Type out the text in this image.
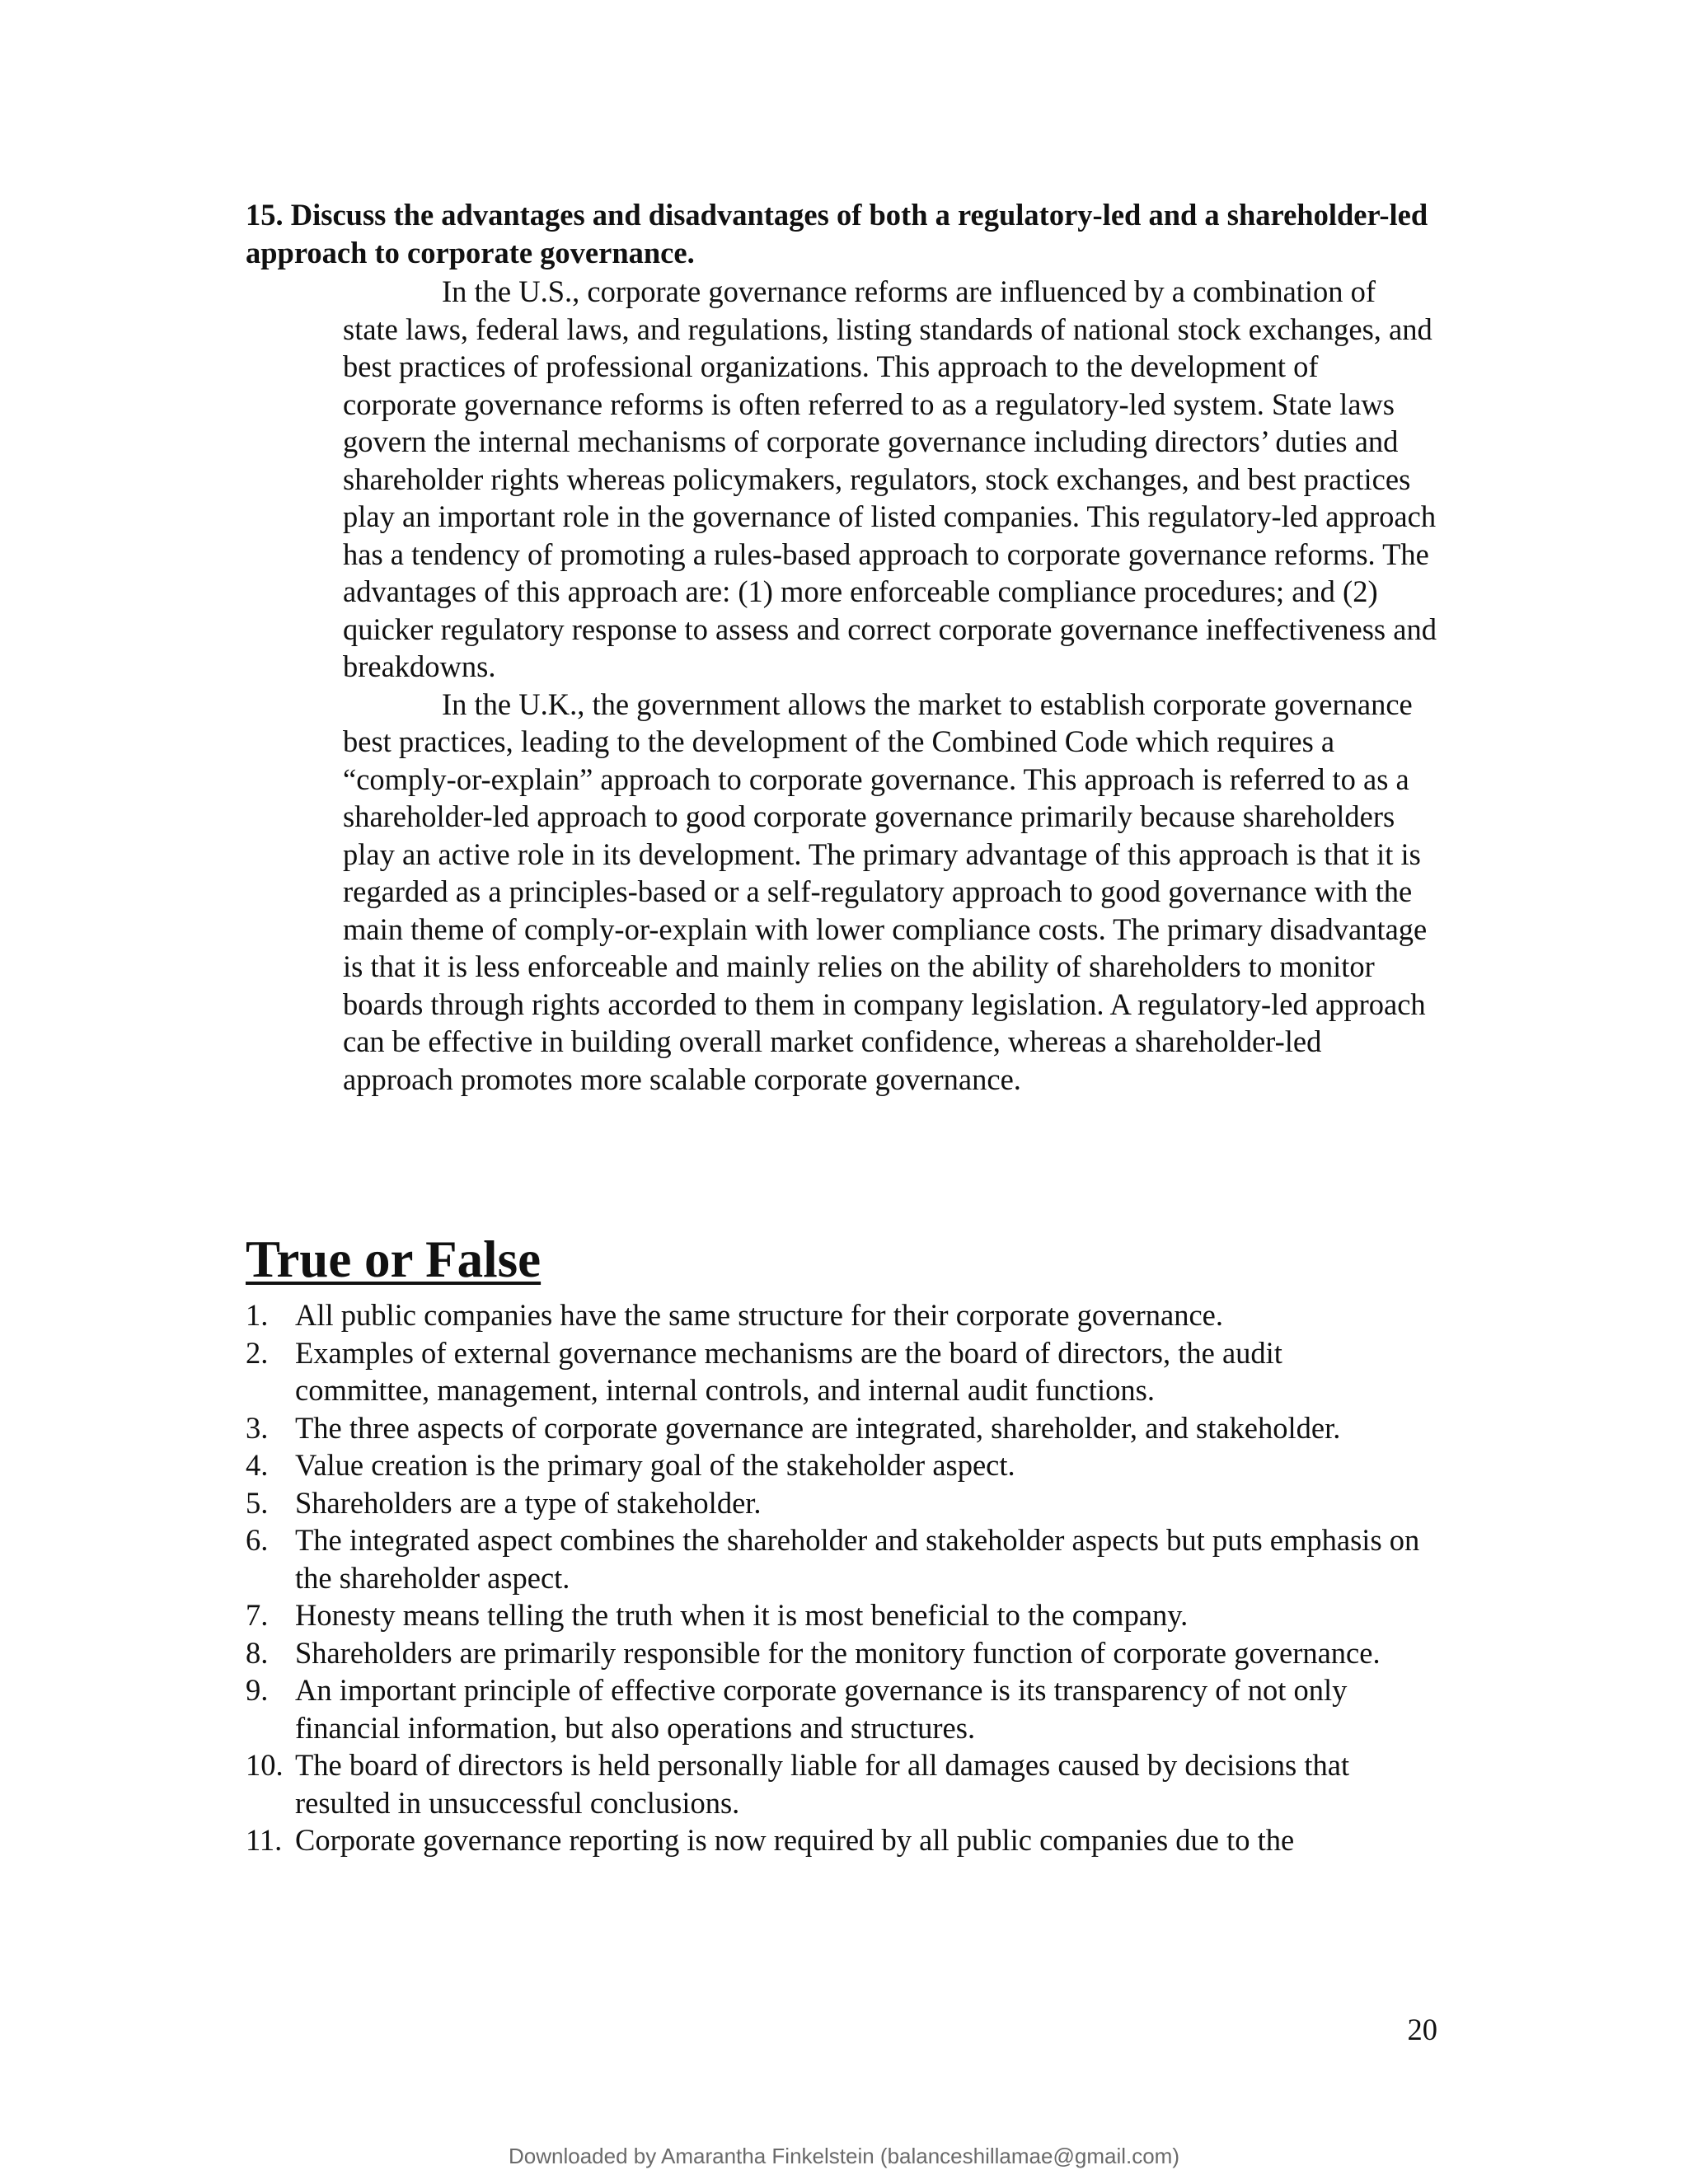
15. Discuss the advantages and disadvantages of both a regulatory-led and a shareholder-led approach to corporate governance.

In the U.S., corporate governance reforms are influenced by a combination of state laws, federal laws, and regulations, listing standards of national stock exchanges, and best practices of professional organizations. This approach to the development of corporate governance reforms is often referred to as a regulatory-led system. State laws govern the internal mechanisms of corporate governance including directors’ duties and shareholder rights whereas policymakers, regulators, stock exchanges, and best practices play an important role in the governance of listed companies. This regulatory-led approach has a tendency of promoting a rules-based approach to corporate governance reforms. The advantages of this approach are: (1) more enforceable compliance procedures; and (2) quicker regulatory response to assess and correct corporate governance ineffectiveness and breakdowns.

In the U.K., the government allows the market to establish corporate governance best practices, leading to the development of the Combined Code which requires a “comply-or-explain” approach to corporate governance. This approach is referred to as a shareholder-led approach to good corporate governance primarily because shareholders play an active role in its development. The primary advantage of this approach is that it is regarded as a principles-based or a self-regulatory approach to good governance with the main theme of comply-or-explain with lower compliance costs. The primary disadvantage is that it is less enforceable and mainly relies on the ability of shareholders to monitor boards through rights accorded to them in company legislation. A regulatory-led approach can be effective in building overall market confidence, whereas a shareholder-led approach promotes more scalable corporate governance.

True or False
1. All public companies have the same structure for their corporate governance.
2. Examples of external governance mechanisms are the board of directors, the audit committee, management, internal controls, and internal audit functions.
3. The three aspects of corporate governance are integrated, shareholder, and stakeholder.
4. Value creation is the primary goal of the stakeholder aspect.
5. Shareholders are a type of stakeholder.
6. The integrated aspect combines the shareholder and stakeholder aspects but puts emphasis on the shareholder aspect.
7. Honesty means telling the truth when it is most beneficial to the company.
8. Shareholders are primarily responsible for the monitory function of corporate governance.
9. An important principle of effective corporate governance is its transparency of not only financial information, but also operations and structures.
10. The board of directors is held personally liable for all damages caused by decisions that resulted in unsuccessful conclusions.
11. Corporate governance reporting is now required by all public companies due to the
20
Downloaded by Amarantha Finkelstein (balanceshillamae@gmail.com)
